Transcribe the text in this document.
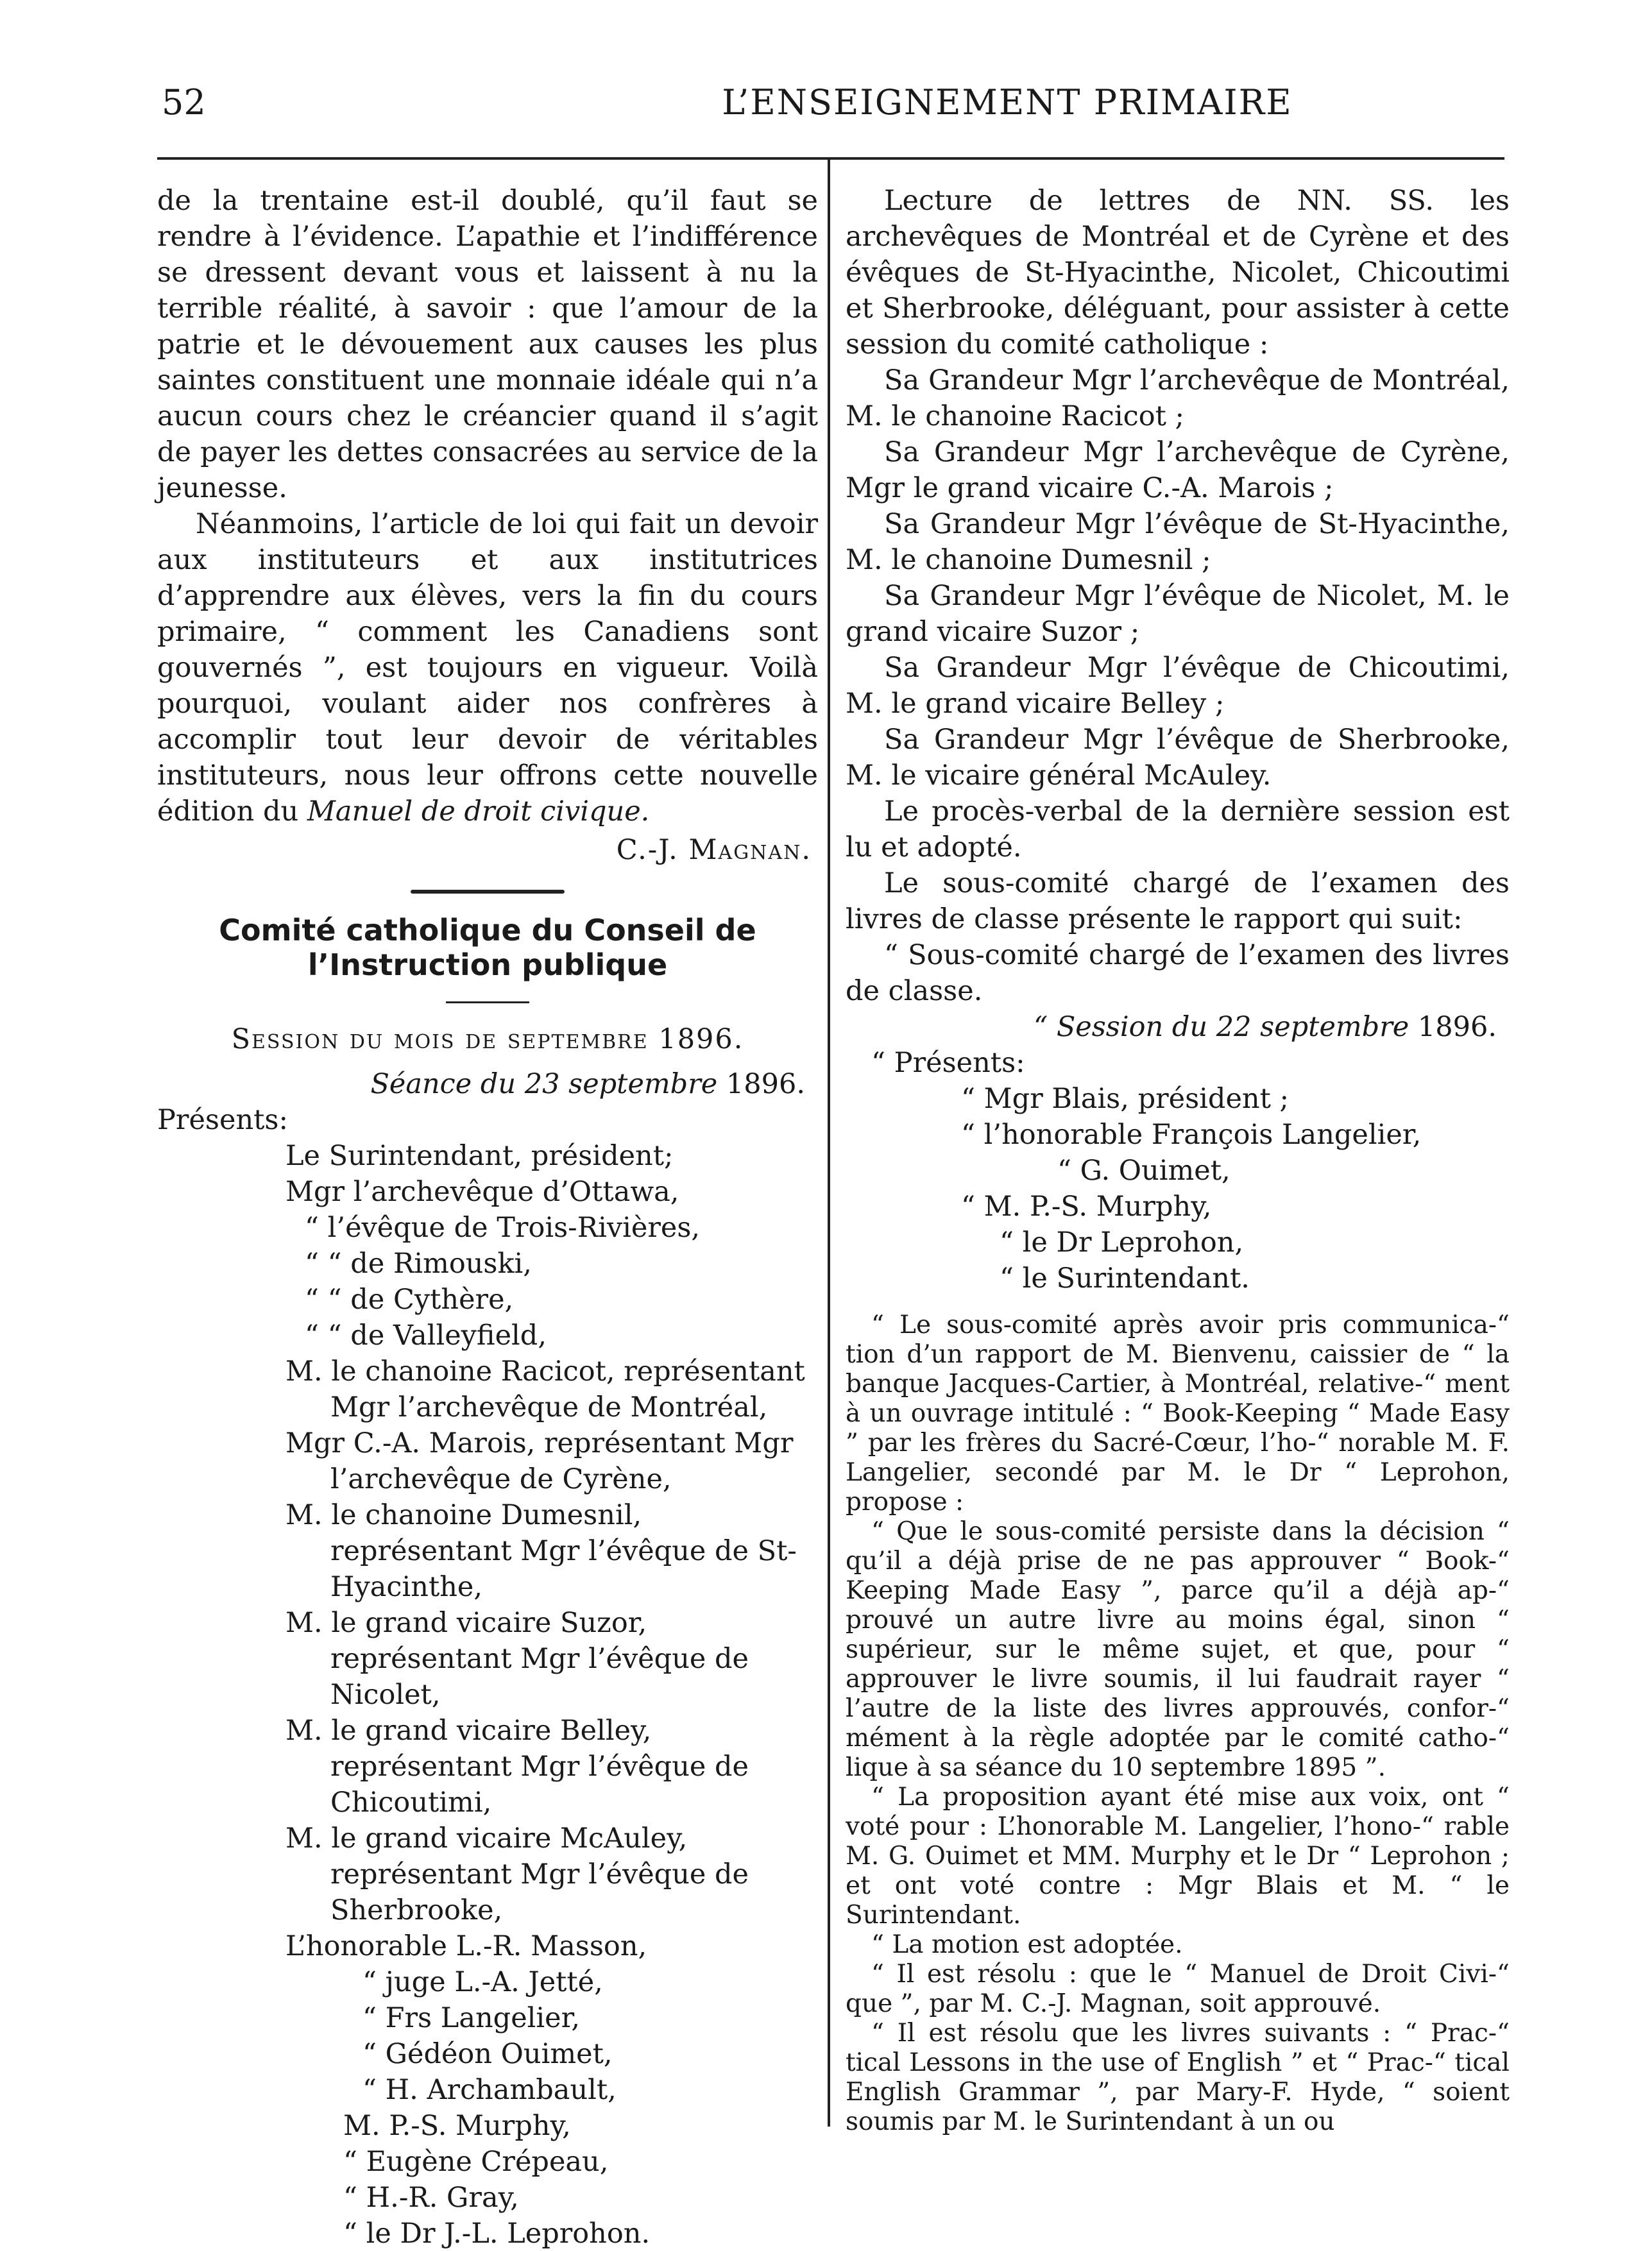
52	L’ENSEIGNEMENT PRIMAIRE

de la trentaine est-il doublé, qu’il faut se rendre à l’évidence. L’apathie et l’indifférence se dressent devant vous et laissent à nu la terrible réalité, à savoir : que l’amour de la patrie et le dévouement aux causes les plus saintes constituent une monnaie idéale qui n’a aucun cours chez le créancier quand il s’agit de payer les dettes consacrées au service de la jeunesse.

Néanmoins, l’article de loi qui fait un devoir aux instituteurs et aux institutrices d’apprendre aux élèves, vers la fin du cours primaire, “ comment les Canadiens sont gouvernés ”, est toujours en vigueur. Voilà pourquoi, voulant aider nos confrères à accomplir tout leur devoir de véritables instituteurs, nous leur offrons cette nouvelle édition du Manuel de droit civique.

C.-J. Magnan.

Comité catholique du Conseil de

l’Instruction publique

Session du mois de septembre 1896.

Séance du 23 septembre 1896.

Présents:

Le Surintendant, président;
Mgr l’archevêque d’Ottawa,
“ l’évêque de Trois-Rivières,
“ “ de Rimouski,
“ “ de Cythère,
“ “ de Valleyfield,
M. le chanoine Racicot, représentant Mgr l’archevêque de Montréal,
Mgr C.-A. Marois, représentant Mgr l’archevêque de Cyrène,
M. le chanoine Dumesnil, représentant Mgr l’évêque de St-Hyacinthe,
M. le grand vicaire Suzor, représentant Mgr l’évêque de Nicolet,
M. le grand vicaire Belley, représentant Mgr l’évêque de Chicoutimi,
M. le grand vicaire McAuley, représentant Mgr l’évêque de Sherbrooke,
L’honorable L.-R. Masson,
“ juge L.-A. Jetté,
“ Frs Langelier,
“ Gédéon Ouimet,
“ H. Archambault,
M. P.-S. Murphy,
“ Eugène Crépeau,
“ H.-R. Gray,
“ le Dr J.-L. Leprohon.

Lecture de lettres de NN. SS. les archevêques de Montréal et de Cyrène et des évêques de St-Hyacinthe, Nicolet, Chicoutimi et Sherbrooke, déléguant, pour assister à cette session du comité catholique :

Sa Grandeur Mgr l’archevêque de Montréal, M. le chanoine Racicot ;

Sa Grandeur Mgr l’archevêque de Cyrène, Mgr le grand vicaire C.-A. Marois ;

Sa Grandeur Mgr l’évêque de St-Hyacinthe, M. le chanoine Dumesnil ;

Sa Grandeur Mgr l’évêque de Nicolet, M. le grand vicaire Suzor ;

Sa Grandeur Mgr l’évêque de Chicoutimi, M. le grand vicaire Belley ;

Sa Grandeur Mgr l’évêque de Sherbrooke, M. le vicaire général McAuley.

Le procès-verbal de la dernière session est lu et adopté.

Le sous-comité chargé de l’examen des livres de classe présente le rapport qui suit:

“ Sous-comité chargé de l’examen des livres de classe.

“ Session du 22 septembre 1896.

“ Présents:

“ Mgr Blais, président ;
“ l’honorable François Langelier,
“ G. Ouimet,
“ M. P.-S. Murphy,
“ le Dr Leprohon,
“ le Surintendant.

“ Le sous-comité après avoir pris communica-“ tion d’un rapport de M. Bienvenu, caissier de “ la banque Jacques-Cartier, à Montréal, relative-“ ment à un ouvrage intitulé : “ Book-Keeping “ Made Easy ” par les frères du Sacré-Cœur, l’ho-“ norable M. F. Langelier, secondé par M. le Dr “ Leprohon, propose :

“ Que le sous-comité persiste dans la décision “ qu’il a déjà prise de ne pas approuver “ Book-“ Keeping Made Easy ”, parce qu’il a déjà ap-“ prouvé un autre livre au moins égal, sinon “ supérieur, sur le même sujet, et que, pour “ approuver le livre soumis, il lui faudrait rayer “ l’autre de la liste des livres approuvés, confor-“ mément à la règle adoptée par le comité catho-“ lique à sa séance du 10 septembre 1895 ”.

“ La proposition ayant été mise aux voix, ont “ voté pour : L’honorable M. Langelier, l’hono-“ rable M. G. Ouimet et MM. Murphy et le Dr “ Leprohon ; et ont voté contre : Mgr Blais et M. “ le Surintendant.

“ La motion est adoptée.

“ Il est résolu : que le “ Manuel de Droit Civi-“ que ”, par M. C.-J. Magnan, soit approuvé.

“ Il est résolu que les livres suivants : “ Prac-“ tical Lessons in the use of English ” et “ Prac-“ tical English Grammar ”, par Mary-F. Hyde, “ soient soumis par M. le Surintendant à un ou
